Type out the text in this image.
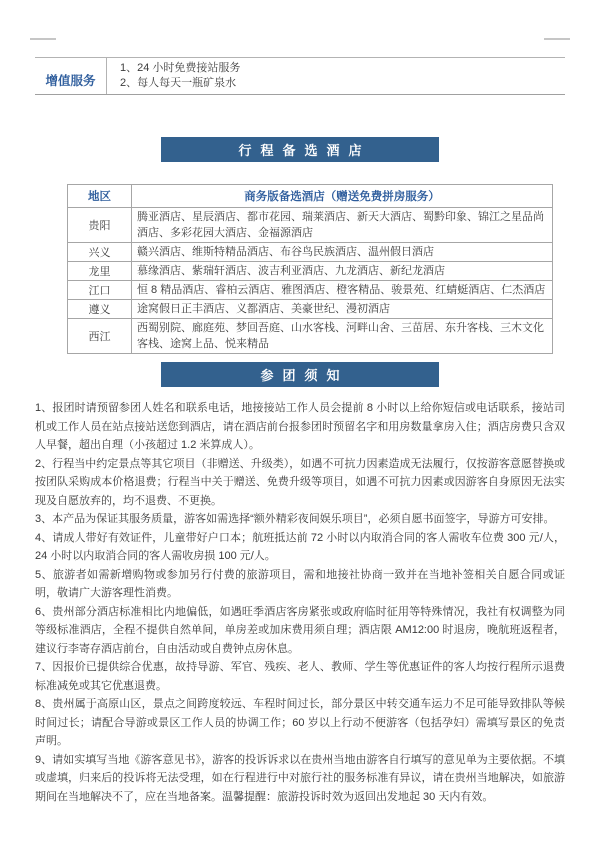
增值服务
1、24 小时免费接站服务
2、每人每天一瓶矿泉水
行程备选酒店
地区	商务版备选酒店（赠送免费拼房服务）
贵阳	腾亚酒店、星辰酒店、都市花园、瑞莱酒店、新天大酒店、蜀黔印象、锦江之星品尚酒店、多彩花园大酒店、金福源酒店
兴义	赣兴酒店、维斯特精品酒店、布谷鸟民族酒店、温州假日酒店
龙里	慕缘酒店、紫瑞轩酒店、波吉利亚酒店、九龙酒店、新纪龙酒店
江口	恒 8 精品酒店、睿柏云酒店、雅图酒店、橙客精品、骏景苑、红蜻蜓酒店、仁杰酒店
遵义	途窝假日正丰酒店、义都酒店、美豪世纪、漫初酒店
西江	西蜀别院、廊庭苑、梦回吾庭、山水客栈、河畔山舍、三苗居、东升客栈、三木文化客栈、途窝上品、悦来精品
参团须知

1、报团时请预留参团人姓名和联系电话，地接接站工作人员会提前 8 小时以上给你短信或电话联系，接站司机或工作人员在站点接站送您到酒店，请在酒店前台报参团时预留名字和用房数量拿房入住；酒店房费只含双人早餐，超出自理（小孩超过 1.2 米算成人）。

2、行程当中约定景点等其它项目（非赠送、升级类），如遇不可抗力因素造成无法履行，仅按游客意愿替换或按团队采购成本价格退费；行程当中关于赠送、免费升级等项目，如遇不可抗力因素或因游客自身原因无法实现及自愿放弃的，均不退费、不更换。

3、本产品为保证其服务质量，游客如需选择“额外精彩夜间娱乐项目”，必须自愿书面签字，导游方可安排。

4、请成人带好有效证件，儿童带好户口本；航班抵达前 72 小时以内取消合同的客人需收车位费 300 元/人，24 小时以内取消合同的客人需收房损 100 元/人。

5、旅游者如需新增购物或参加另行付费的旅游项目，需和地接社协商一致并在当地补签相关自愿合同或证明，敬请广大游客理性消费。

6、贵州部分酒店标准相比内地偏低，如遇旺季酒店客房紧张或政府临时征用等特殊情况，我社有权调整为同等级标准酒店，全程不提供自然单间，单房差或加床费用须自理；酒店限 AM12:00 时退房，晚航班返程者，建议行李寄存酒店前台，自由活动或自费钟点房休息。

7、因报价已提供综合优惠，故持导游、军官、残疾、老人、教师、学生等优惠证件的客人均按行程所示退费标准减免或其它优惠退费。

8、贵州属于高原山区，景点之间跨度较远、车程时间过长，部分景区中转交通车运力不足可能导致排队等候时间过长；请配合导游或景区工作人员的协调工作；60 岁以上行动不便游客（包括孕妇）需填写景区的免责声明。

9、请如实填写当地《游客意见书》，游客的投诉诉求以在贵州当地由游客自行填写的意见单为主要依据。不填或虚填，归来后的投诉将无法受理，如在行程进行中对旅行社的服务标准有异议，请在贵州当地解决，如旅游期间在当地解决不了，应在当地备案。温馨提醒：旅游投诉时效为返回出发地起 30 天内有效。
